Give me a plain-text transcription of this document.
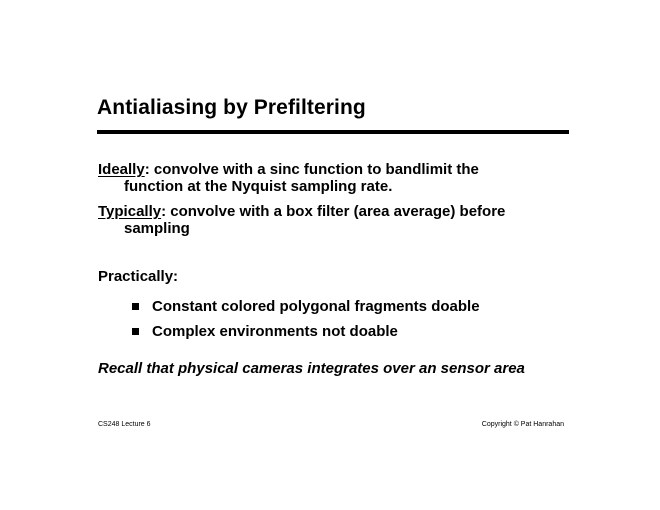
Antialiasing by Prefiltering
Ideally: convolve with a sinc function to bandlimit the
function at the Nyquist sampling rate.
Typically: convolve with a box filter (area average) before
sampling
Practically:
Constant colored polygonal fragments doable
Complex environments not doable
Recall that physical cameras integrates over an sensor area
CS248 Lecture 6	Copyright © Pat Hanrahan
